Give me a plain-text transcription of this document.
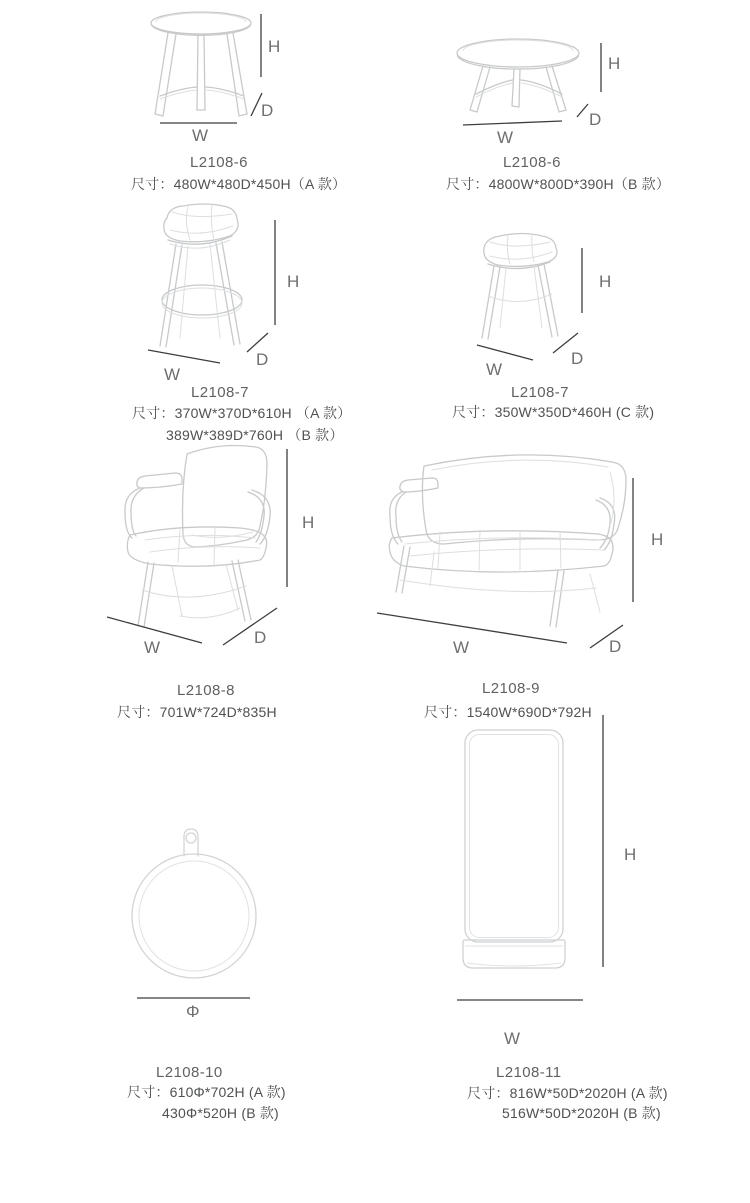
H
D
W
L2108-6
尺寸：480W*480D*450H（A 款）
H
D
W
L2108-6
尺寸：4800W*800D*390H（B 款）
H
D
W
L2108-7
尺寸：370W*370D*610H （A 款）
389W*389D*760H （B 款）
H
D
W
L2108-7
尺寸：350W*350D*460H (C 款)
H
D
W
L2108-8
尺寸：701W*724D*835H
H
D
W
L2108-9
尺寸：1540W*690D*792H
Φ
L2108-10
尺寸：610Φ*702H (A 款)
430Φ*520H (B 款)
H
W
L2108-11
尺寸：816W*50D*2020H (A 款)
516W*50D*2020H (B 款)
